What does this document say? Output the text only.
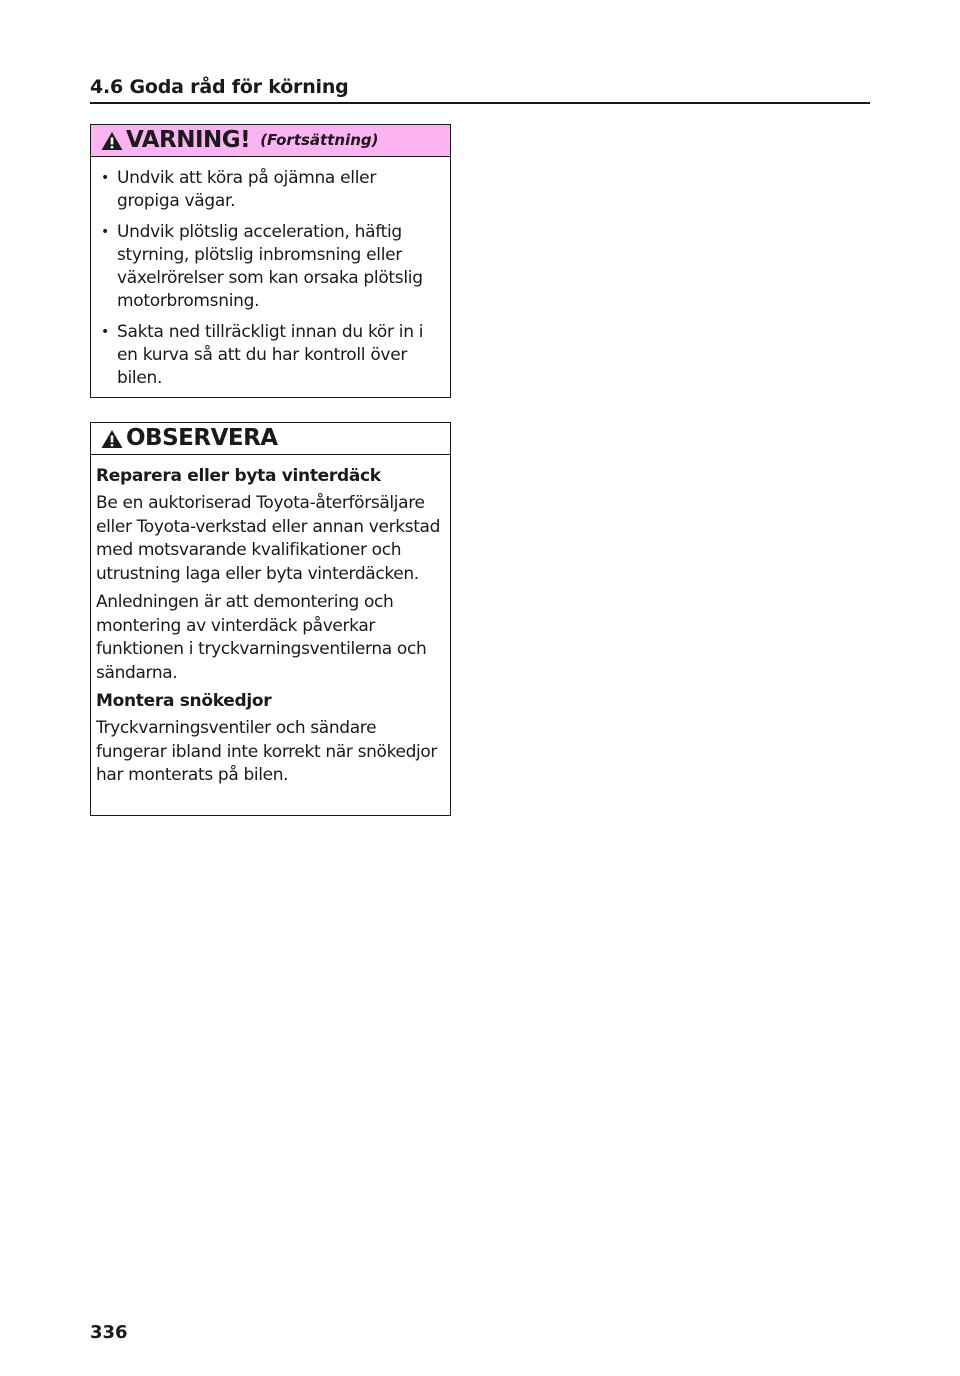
4.6 Goda råd för körning
VARNING! (Fortsättning)
• Undvik att köra på ojämna eller gropiga vägar.
• Undvik plötslig acceleration, häftig styrning, plötslig inbromsning eller växelrörelser som kan orsaka plötslig motorbromsning.
• Sakta ned tillräckligt innan du kör in i en kurva så att du har kontroll över bilen.
OBSERVERA
Reparera eller byta vinterdäck

Be en auktoriserad Toyota-återförsäljare eller Toyota-verkstad eller annan verkstad med motsvarande kvalifikationer och utrustning laga eller byta vinterdäcken.

Anledningen är att demontering och montering av vinterdäck påverkar funktionen i tryckvarningsventilerna och sändarna.

Montera snökedjor

Tryckvarningsventiler och sändare fungerar ibland inte korrekt när snökedjor har monterats på bilen.

336
